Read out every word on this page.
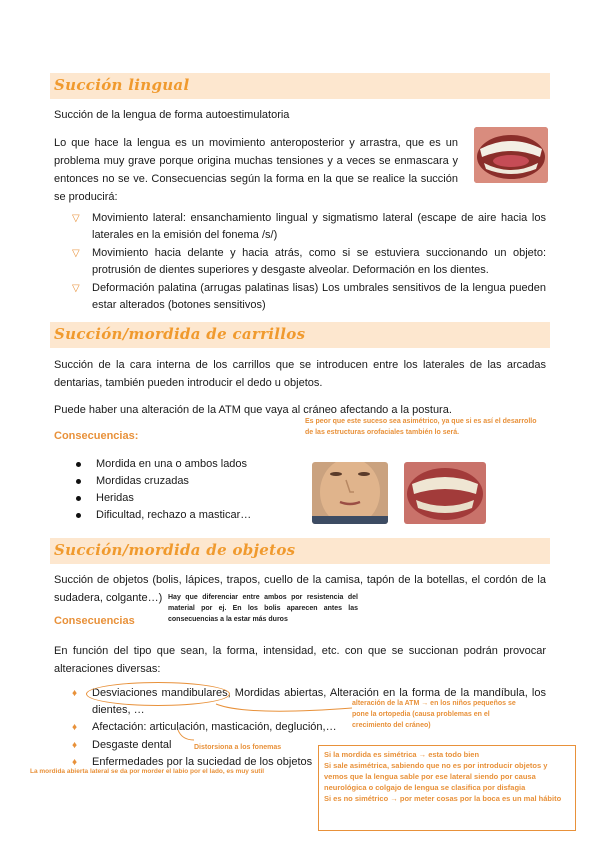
Succión lingual
Succión de la lengua de forma autoestimulatoria
Lo que hace la lengua es un movimiento anteroposterior y arrastra, que es un problema muy grave porque origina muchas tensiones y a veces se enmascara y entonces no se ve. Consecuencias según la forma en la que se realice la succión se producirá:
▽	Movimiento lateral: ensanchamiento lingual y sigmatismo lateral (escape de aire hacia los laterales en la emisión del fonema /s/)
▽	Movimiento hacia delante y hacia atrás, como si se estuviera succionando un objeto: protrusión de dientes superiores y desgaste alveolar. Deformación en los dientes.
▽	Deformación palatina (arrugas palatinas lisas) Los umbrales sensitivos de la lengua pueden estar alterados (botones sensitivos)
Succión/mordida de carrillos
Succión de la cara interna de los carrillos que se introducen entre los laterales de las arcadas dentarias, también pueden introducir el dedo u objetos.
Puede haber una alteración de la ATM que vaya al cráneo afectando a la postura.
Es peor que este suceso sea asimétrico, ya que si es así el desarrollo de las estructuras orofaciales también lo será.
Consecuencias:
Mordida en una o ambos lados
Mordidas cruzadas
Heridas
Dificultad, rechazo a masticar…
Succión/mordida de objetos
Succión de objetos (bolis, lápices, trapos, cuello de la camisa, tapón de la botellas, el cordón de la sudadera, colgante…) Hay que diferenciar entre ambos por resistencia del material por ej. En los bolis aparecen antes las consecuencias a la estar más duros
Consecuencias
En función del tipo que sean, la forma, intensidad, etc. con que se succionan podrán provocar alteraciones diversas:
♦	Desviaciones mandibulares, Mordidas abiertas, Alteración en la forma de la mandíbula, los dientes, …
♦	Afectación: articulación, masticación, deglución,…
♦	Desgaste dental
♦	Enfermedades por la suciedad de los objetos
alteración de la ATM → en los niños pequeños se pone la ortopedia (causa problemas en el crecimiento del cráneo)
Distorsiona a los fonemas
La mordida abierta lateral se da por morder el labio por el lado, es muy sutil
Si la mordida es simétrica → esta todo bien
Si sale asimétrica, sabiendo que no es por introducir objetos y vemos que la lengua sable por ese lateral siendo por causa neurológica o colgajo de lengua se clasifica por disfagia
Si es no simétrico → por meter cosas por la boca es un mal hábito
